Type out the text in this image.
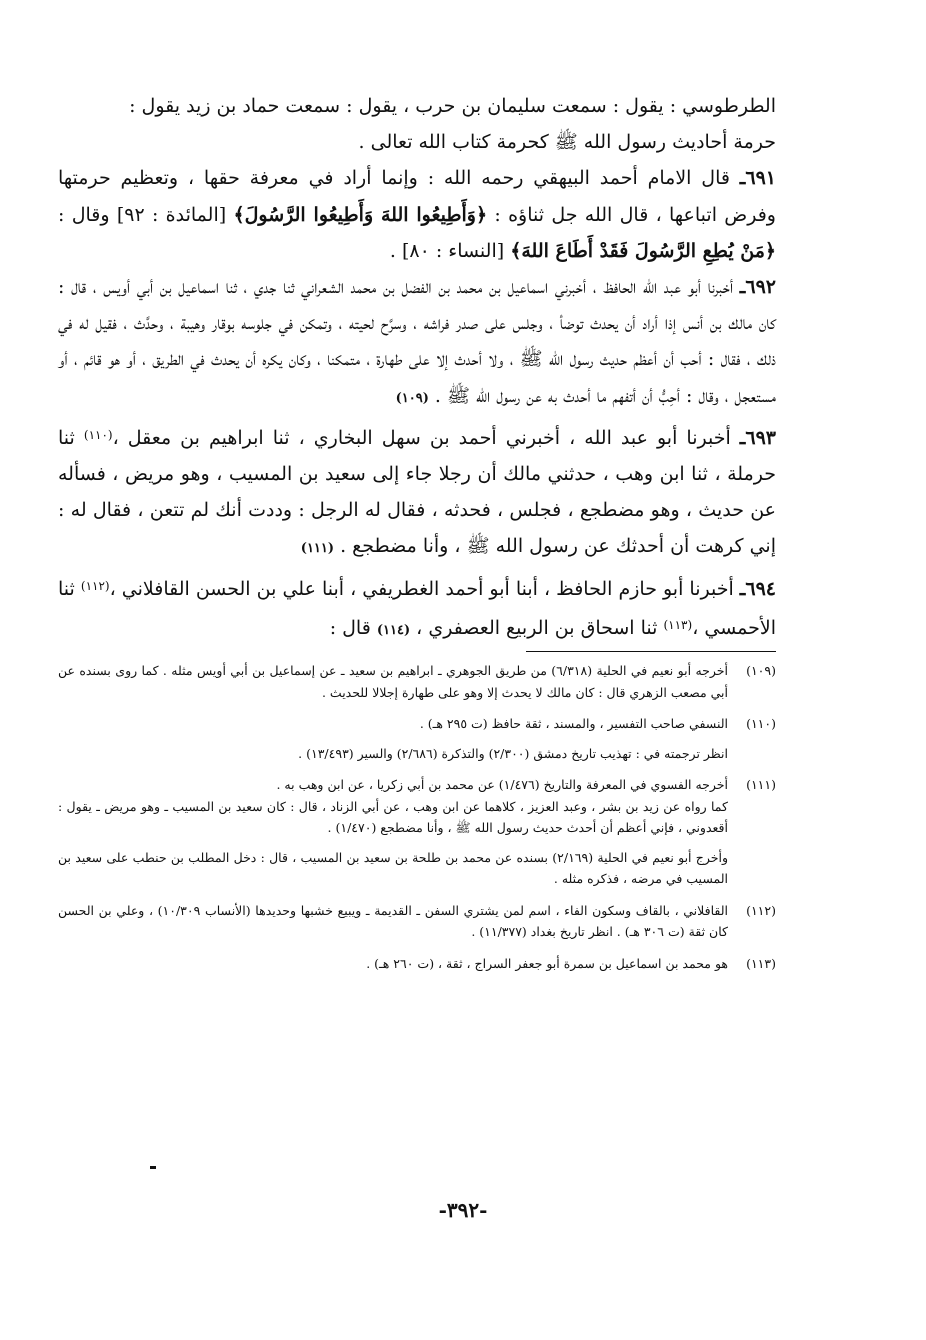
الطرطوسي : يقول : سمعت سليمان بن حرب ، يقول : سمعت حماد بن زيد يقول :

حرمة أحاديث رسول الله ﷺ كحرمة كتاب الله تعالى .

٦٩١ـ قال الامام أحمد البيهقي رحمه الله : وإنما أراد في معرفة حقها ، وتعظيم حرمتها وفرض اتباعها ، قال الله جل ثناؤه : ﴿وَأَطِيعُوا اللهَ وَأَطِيعُوا الرَّسُولَ﴾ [المائدة : ٩٢] وقال : ﴿مَنْ يُطِعِ الرَّسُولَ فَقَدْ أَطَاعَ اللهَ﴾ [النساء : ٨٠] .

٦٩٢ـ أخبرنا أبو عبد الله الحافظ ، أخبرني اسماعيل بن محمد بن الفضل بن محمد الشعراني ثنا جدي ، ثنا اسماعيل بن أبي أويس ، قال : كان مالك بن أنس إذا أراد أن يحدث توضأ ، وجلس على صدر فراشه ، وسرَّح لحيته ، وتمكن في جلوسه بوقار وهيبة ، وحدَّث ، فقيل له في ذلك ، فقال : أحب أن أعظم حديث رسول الله ﷺ ، ولا أحدث إلا على طهارة ، متمكنا ، وكان يكره أن يحدث في الطريق ، أو هو قائم ، أو مستعجل ، وقال : أحِبُّ أن أتفهم ما أحدث به عن رسول الله ﷺ . (١٠٩)

٦٩٣ـ أخبرنا أبو عبد الله ، أخبرني أحمد بن سهل البخاري ، ثنا ابراهيم بن معقل ،$^{(١١٠)}$ ثنا حرملة ، ثنا ابن وهب ، حدثني مالك أن رجلا جاء إلى سعيد بن المسيب ، وهو مريض ، فسأله عن حديث ، وهو مضطجع ، فجلس ، فحدثه ، فقال له الرجل : وددت أنك لم تتعن ، فقال له : إني كرهت أن أحدثك عن رسول الله ﷺ ، وأنا مضطجع . (١١١)

٦٩٤ـ أخبرنا أبو حازم الحافظ ، أبنا أبو أحمد الغطريفي ، أبنا علي بن الحسن القافلاني ،$^{(١١٢)}$ ثنا الأحمسي ،$^{(١١٣)}$ ثنا اسحاق بن الربيع العصفري ، (١١٤) قال :

(١٠٩)

أخرجه أبو نعيم في الحلية (٦/٣١٨) من طريق الجوهري ـ ابراهيم بن سعيد ـ عن إسماعيل بن أبي أويس مثله . كما روى بسنده عن أبي مصعب الزهري قال : كان مالك لا يحدث إلا وهو على طهارة إجلالا للحديث .

(١١٠)

النسفي صاحب التفسير ، والمسند ، ثقة حافظ (ت ٢٩٥ هـ) .

انظر ترجمته في : تهذيب تاريخ دمشق (٢/٣٠٠) والتذكرة (٢/٦٨٦) والسير (١٣/٤٩٣) .

(١١١)

أخرجه الفسوي في المعرفة والتاريخ (١/٤٧٦) عن محمد بن أبي زكريا ، عن ابن وهب به .

كما رواه عن زيد بن بشر ، وعبد العزيز ، كلاهما عن ابن وهب ، عن أبي الزناد ، قال : كان سعيد بن المسيب ـ وهو مريض ـ يقول : أقعدوني ، فإني أعظم أن أحدث حديث رسول الله ﷺ ، وأنا مضطجع (١/٤٧٠) .

وأخرج أبو نعيم في الحلية (٢/١٦٩) بسنده عن محمد بن طلحة بن سعيد بن المسيب ، قال : دخل المطلب بن حنطب على سعيد بن المسيب في مرضه ، فذكره مثله .

(١١٢)

القافلاني ، بالقاف وسكون الفاء ، اسم لمن يشتري السفن ـ القديمة ـ ويبيع خشبها وحديدها (الأنساب ١٠/٣٠٩) ، وعلي بن الحسن كان ثقة (ت ٣٠٦ هـ) . انظر تاريخ بغداد (١١/٣٧٧) .

(١١٣)

هو محمد بن اسماعيل بن سمرة أبو جعفر السراج ، ثقة ، (ت ٢٦٠ هـ) .

-٣٩٢-
